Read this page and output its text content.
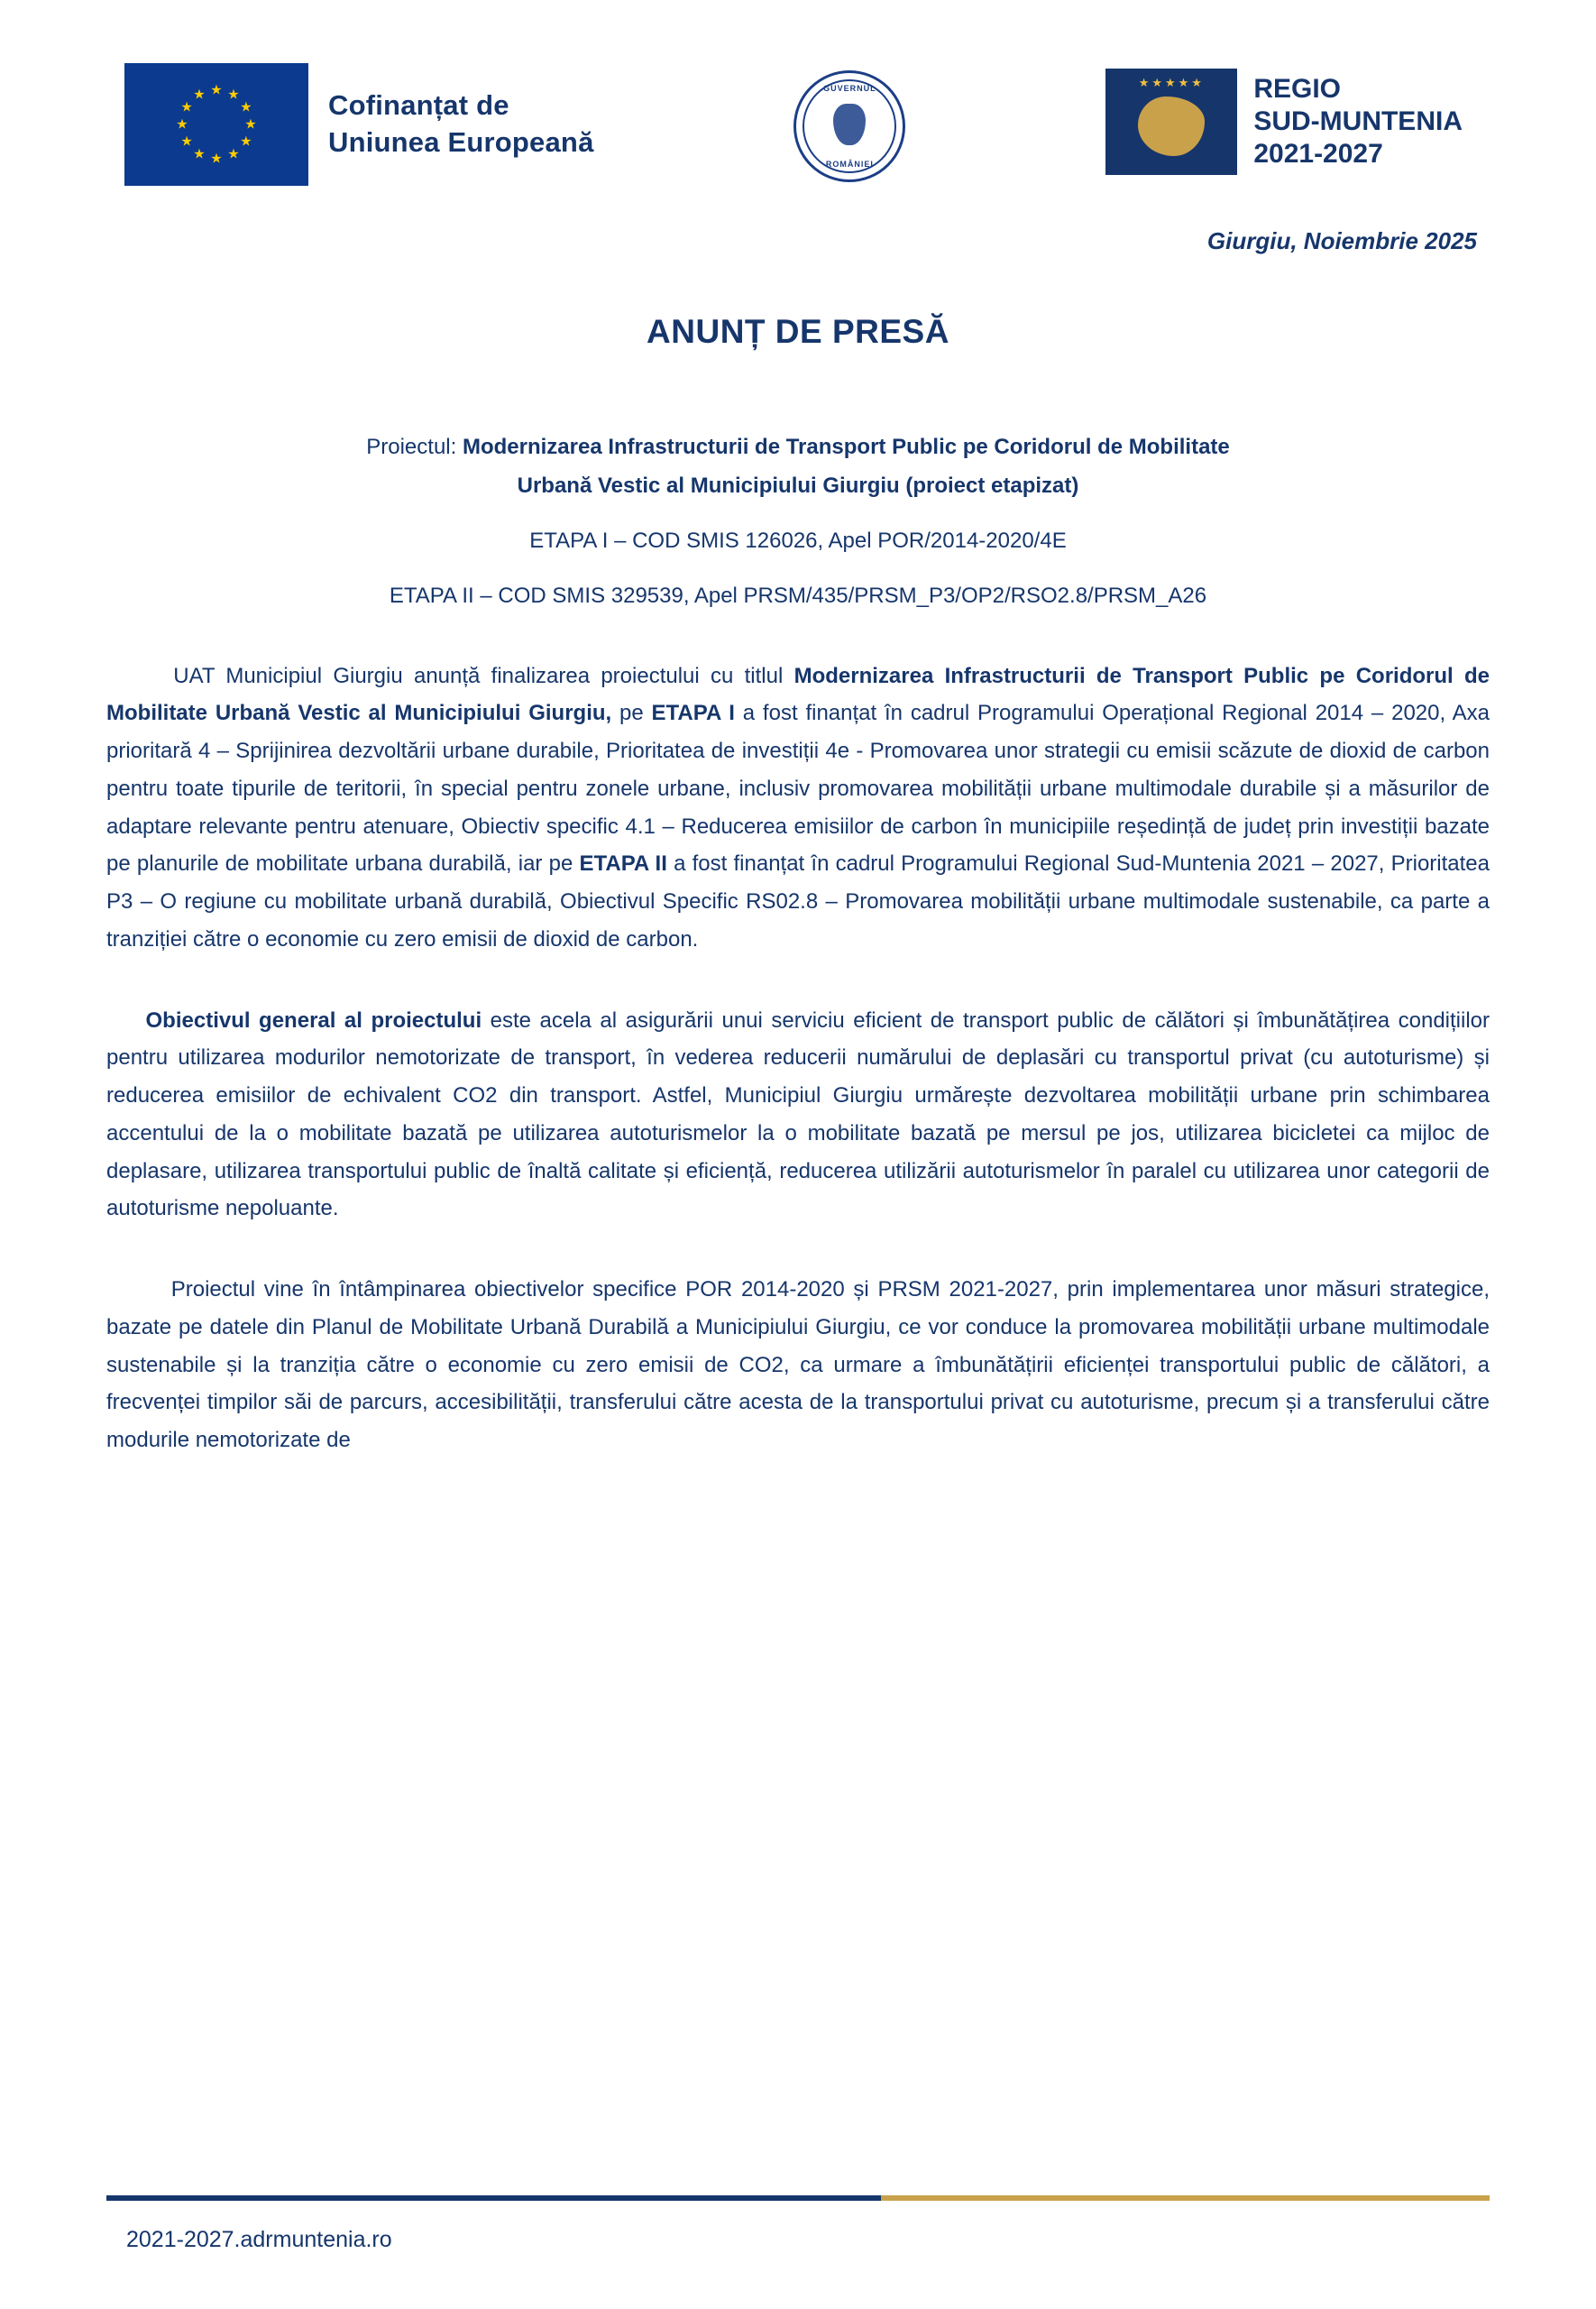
★ ★
★
★
★
★
★
★
★
★
★
★	Cofinanțat de
Uniunea Europeană
GUVERNUL
ROMÂNIEI
★★★★★	REGIO
SUD-MUNTENIA
2021-2027
Giurgiu, Noiembrie 2025
ANUNȚ DE PRESĂ
Proiectul: Modernizarea Infrastructurii de Transport Public pe Coridorul de Mobilitate
Urbană Vestic al Municipiului Giurgiu (proiect etapizat)
ETAPA I – COD SMIS 126026, Apel POR/2014-2020/4E
ETAPA II – COD SMIS 329539, Apel PRSM/435/PRSM_P3/OP2/RSO2.8/PRSM_A26
UAT Municipiul Giurgiu anunță finalizarea proiectului cu titlul Modernizarea Infrastructurii de Transport Public pe Coridorul de Mobilitate Urbană Vestic al Municipiului Giurgiu, pe ETAPA I a fost finanțat în cadrul Programului Operațional Regional 2014 – 2020, Axa prioritară 4 – Sprijinirea dezvoltării urbane durabile, Prioritatea de investiții 4e - Promovarea unor strategii cu emisii scăzute de dioxid de carbon pentru toate tipurile de teritorii, în special pentru zonele urbane, inclusiv promovarea mobilității urbane multimodale durabile și a măsurilor de adaptare relevante pentru atenuare, Obiectiv specific 4.1 – Reducerea emisiilor de carbon în municipiile reședință de județ prin investiții bazate pe planurile de mobilitate urbana durabilă, iar pe ETAPA II a fost finanțat în cadrul Programului Regional Sud-Muntenia 2021 – 2027, Prioritatea P3 – O regiune cu mobilitate urbană durabilă, Obiectivul Specific RS02.8 – Promovarea mobilității urbane multimodale sustenabile, ca parte a tranziției către o economie cu zero emisii de dioxid de carbon.
Obiectivul general al proiectului este acela al asigurării unui serviciu eficient de transport public de călători și îmbunătățirea condițiilor pentru utilizarea modurilor nemotorizate de transport, în vederea reducerii numărului de deplasări cu transportul privat (cu autoturisme) și reducerea emisiilor de echivalent CO2 din transport. Astfel, Municipiul Giurgiu urmărește dezvoltarea mobilității urbane prin schimbarea accentului de la o mobilitate bazată pe utilizarea autoturismelor la o mobilitate bazată pe mersul pe jos, utilizarea bicicletei ca mijloc de deplasare, utilizarea transportului public de înaltă calitate și eficiență, reducerea utilizării autoturismelor în paralel cu utilizarea unor categorii de autoturisme nepoluante.
Proiectul vine în întâmpinarea obiectivelor specifice POR 2014-2020 și PRSM 2021-2027, prin implementarea unor măsuri strategice, bazate pe datele din Planul de Mobilitate Urbană Durabilă a Municipiului Giurgiu, ce vor conduce la promovarea mobilității urbane multimodale sustenabile și la tranziția către o economie cu zero emisii de CO2, ca urmare a îmbunătățirii eficienței transportului public de călători, a frecvenței timpilor săi de parcurs, accesibilității, transferului către acesta de la transportului privat cu autoturisme, precum și a transferului către modurile nemotorizate de
2021-2027.adrmuntenia.ro
